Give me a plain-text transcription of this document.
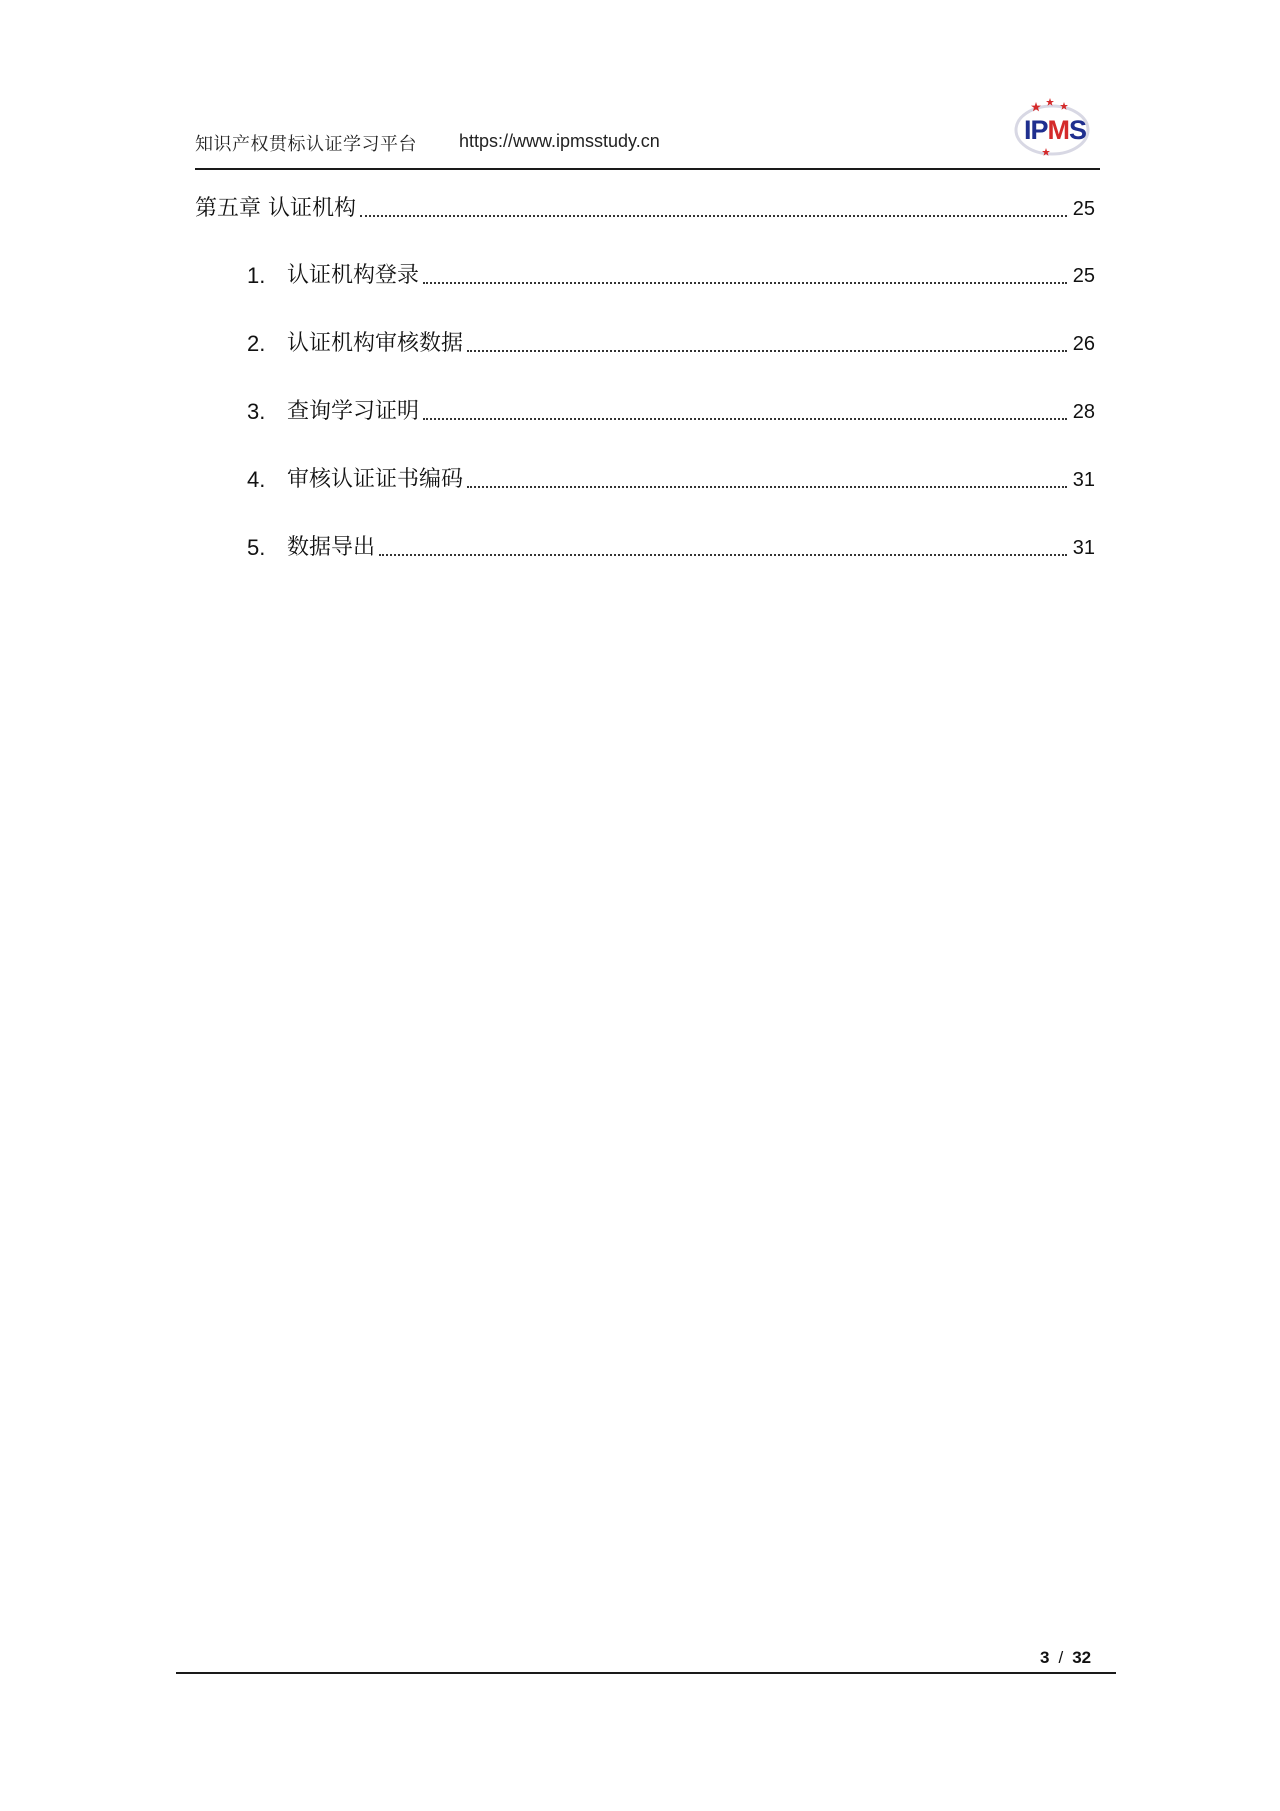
知识产权贯标认证学习平台 https://www.ipmsstudy.cn	IPMS
第五章 认证机构	25
1. 认证机构登录	25
2. 认证机构审核数据	26
3. 查询学习证明	28
4. 审核认证证书编码	31
5. 数据导出	31
3 / 32
